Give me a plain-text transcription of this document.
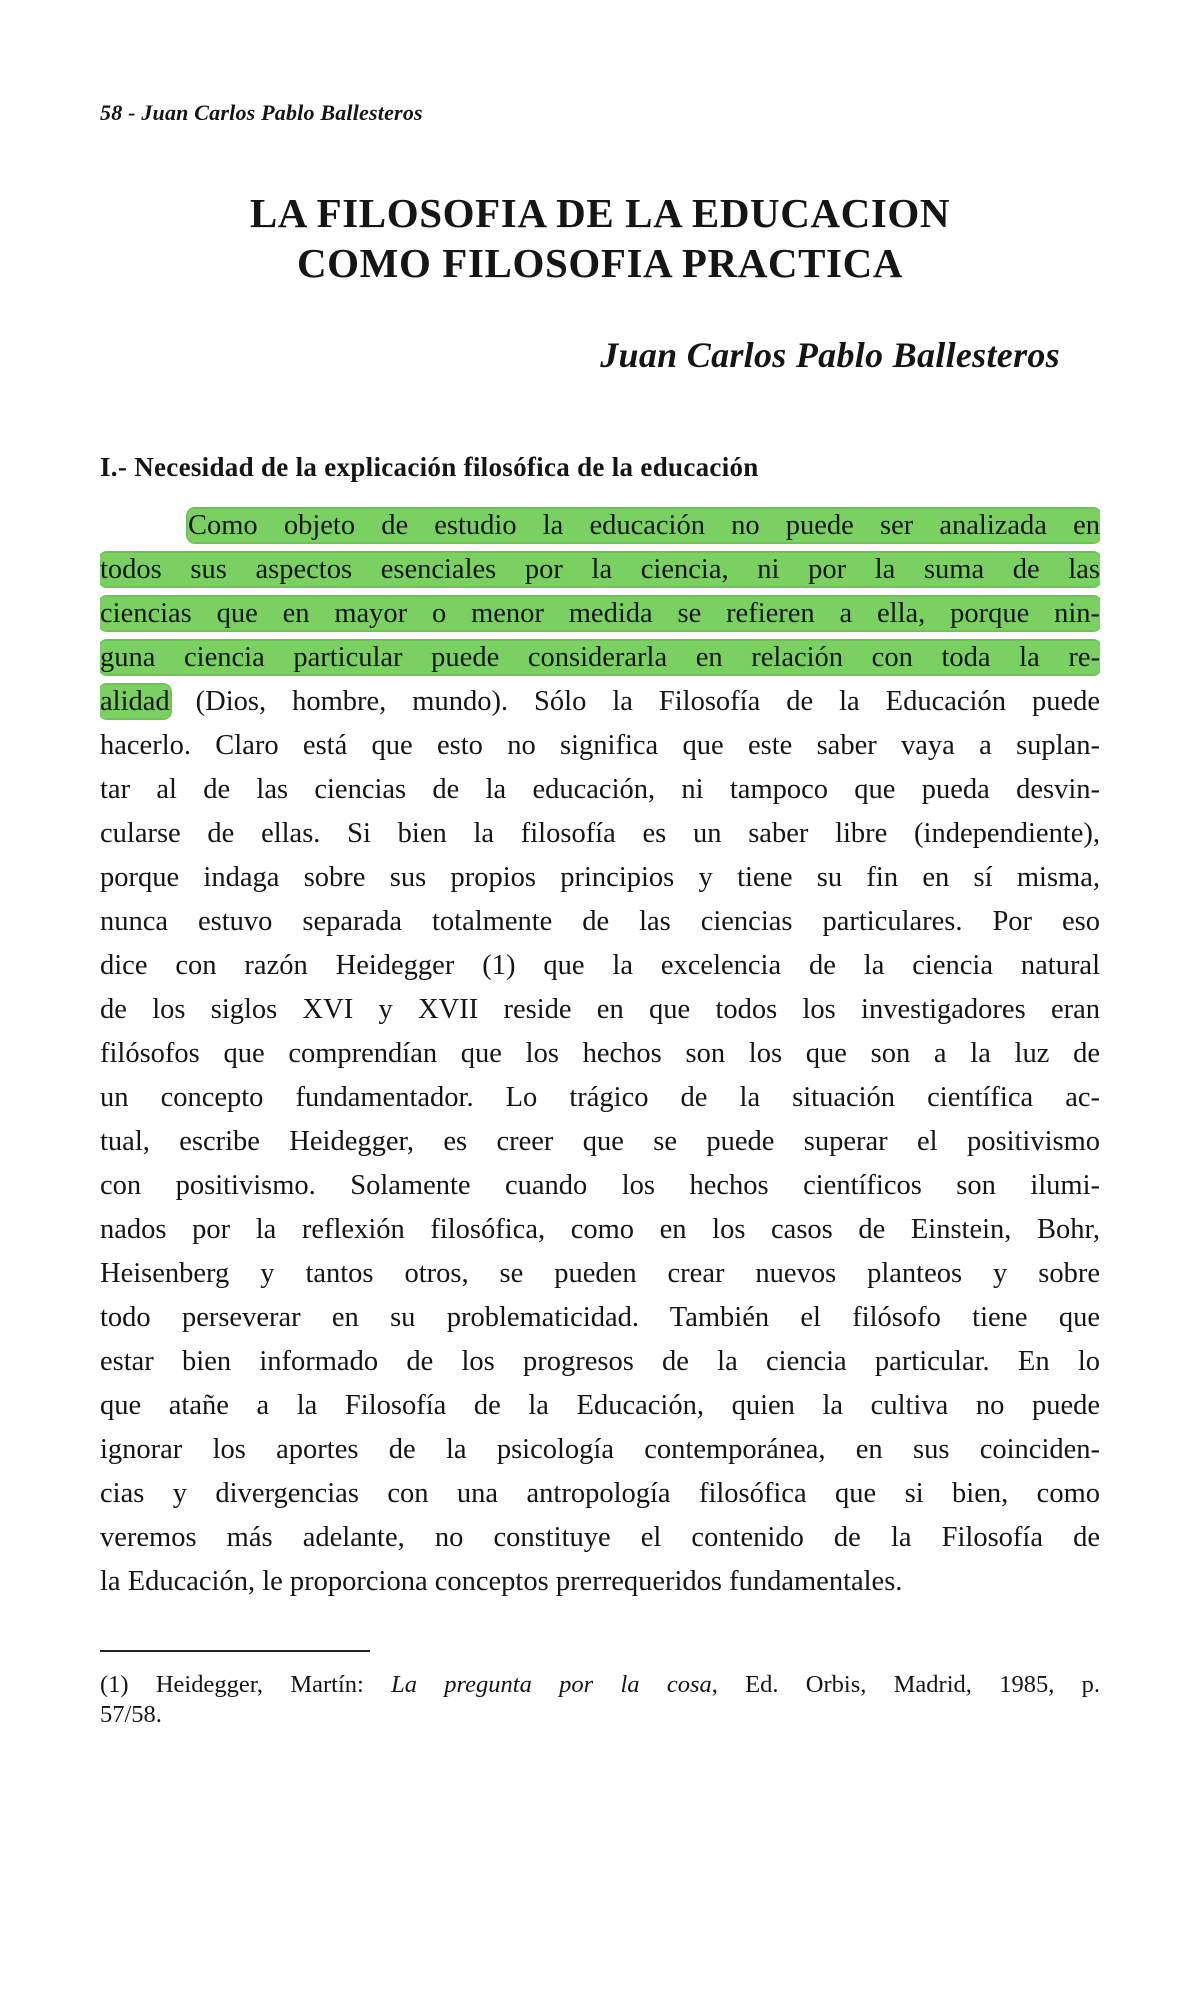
58 - Juan Carlos Pablo Ballesteros
LA FILOSOFIA DE LA EDUCACION
COMO FILOSOFIA PRACTICA
Juan Carlos Pablo Ballesteros
I.- Necesidad de la explicación filosófica de la educación
Como objeto de estudio la educación no puede ser analizada en
todos sus aspectos esenciales por la ciencia, ni por la suma de las
ciencias que en mayor o menor medida se refieren a ella, porque nin-
guna ciencia particular puede considerarla en relación con toda la re-
alidad (Dios, hombre, mundo). Sólo la Filosofía de la Educación puede
hacerlo. Claro está que esto no significa que este saber vaya a suplan-
tar al de las ciencias de la educación, ni tampoco que pueda desvin-
cularse de ellas. Si bien la filosofía es un saber libre (independiente),
porque indaga sobre sus propios principios y tiene su fin en sí misma,
nunca estuvo separada totalmente de las ciencias particulares. Por eso
dice con razón Heidegger (1) que la excelencia de la ciencia natural
de los siglos XVI y XVII reside en que todos los investigadores eran
filósofos que comprendían que los hechos son los que son a la luz de
un concepto fundamentador. Lo trágico de la situación científica ac-
tual, escribe Heidegger, es creer que se puede superar el positivismo
con positivismo. Solamente cuando los hechos científicos son ilumi-
nados por la reflexión filosófica, como en los casos de Einstein, Bohr,
Heisenberg y tantos otros, se pueden crear nuevos planteos y sobre
todo perseverar en su problematicidad. También el filósofo tiene que
estar bien informado de los progresos de la ciencia particular. En lo
que atañe a la Filosofía de la Educación, quien la cultiva no puede
ignorar los aportes de la psicología contemporánea, en sus coinciden-
cias y divergencias con una antropología filosófica que si bien, como
veremos más adelante, no constituye el contenido de la Filosofía de
la Educación, le proporciona conceptos prerrequeridos fundamentales.
(1) Heidegger, Martín: La pregunta por la cosa, Ed. Orbis, Madrid, 1985, p.
57/58.
